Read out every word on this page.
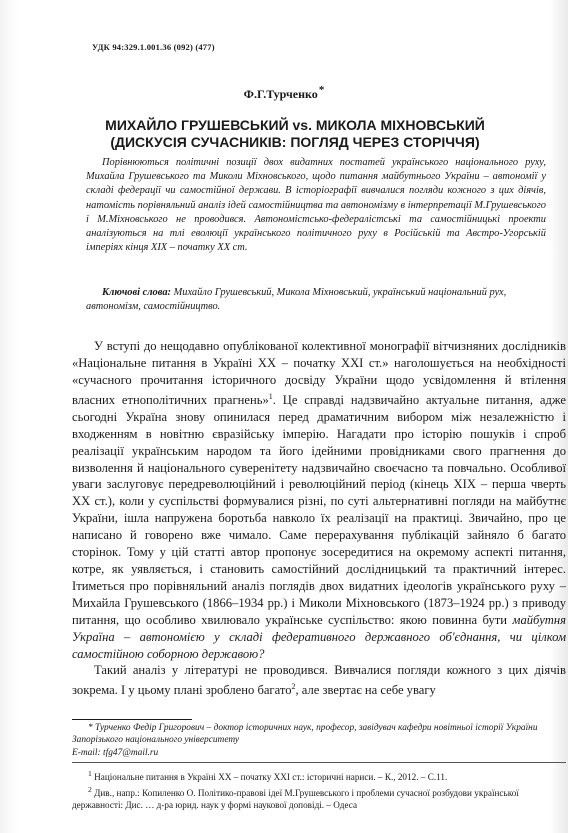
УДК 94:329.1.001.36 (092) (477)
Ф.Г.Турченко*
МИХАЙЛО ГРУШЕВСЬКИЙ vs. МИКОЛА МІХНОВСЬКИЙ
(ДИСКУСІЯ СУЧАСНИКІВ: ПОГЛЯД ЧЕРЕЗ СТОРІЧЧЯ)
Порівнюються політичні позиції двох видатних постатей українського національного руху, Михайла Грушевського та Миколи Міхновського, щодо питання майбутнього України – автономії у складі федерації чи самостійної держави. В історіографії вивчалися погляди кожного з цих діячів, натомість порівняльний аналіз ідей самостійництва та автономізму в інтерпретації М.Грушевського і М.Міхновського не проводився. Автономістсько-федералістські та самостійницькі проекти аналізуються на тлі еволюції українського політичного руху в Російській та Австро-Угорській імперіях кінця ХІХ – початку ХХ ст.
Ключові слова: Михайло Грушевський, Микола Міхновський, український національний рух, автономізм, самостійництво.

У вступі до нещодавно опублікованої колективної монографії вітчизняних дослідників «Національне питання в Україні ХХ – початку ХХІ ст.» наголошується на необхідності «сучасного прочитання історичного досвіду України щодо усвідомлення й втілення власних етнополітичних прагнень»$^1$. Це справді надзвичайно актуальне питання, адже сьогодні Україна знову опинилася перед драматичним вибором між незалежністю і входженням в новітню євразійську імперію. Нагадати про історію пошуків і спроб реалізації українським народом та його ідейними провідниками свого прагнення до визволення й національного суверенітету надзвичайно своєчасно та повчально. Особливої уваги заслуговує передреволюційний і революційний період (кінець ХІХ – перша чверть ХХ ст.), коли у суспільстві формувалися різні, по суті альтернативні погляди на майбутнє України, ішла напружена боротьба навколо їх реалізації на практиці. Звичайно, про це написано й говорено вже чимало. Саме перерахування публікацій зайняло б багато сторінок. Тому у цій статті автор пропонує зосередитися на окремому аспекті питання, котре, як уявляється, і становить самостійний дослідницький та практичний інтерес. Ітиметься про порівняльний аналіз поглядів двох видатних ідеологів українського руху – Михайла Грушевського (1866–1934 рр.) і Миколи Міхновського (1873–1924 рр.) з приводу питання, що особливо хвилювало українське суспільство: якою повинна бути майбутня Україна – автономією у складі федеративного державного об'єднання, чи цілком самостійною соборною державою?

Такий аналіз у літературі не проводився. Вивчалися погляди кожного з цих діячів зокрема. І у цьому плані зроблено багато$^2$, але звертає на себе увагу

* Турченко Федір Григорович – доктор історичних наук, професор, завідувач кафедри новітньої історії України Запорізького національного університету
E-mail: tfg47@mail.ru

$^1$ Національне питання в Україні ХХ – початку ХХІ ст.: історичні нариси. – К., 2012. – С.11.

$^2$ Див., напр.: Копиленко О. Політико-правові ідеї М.Грушевського і проблеми сучасної розбудови української державності: Дис. … д-ра юрид. наук у формі наукової доповіді. – Одеса
